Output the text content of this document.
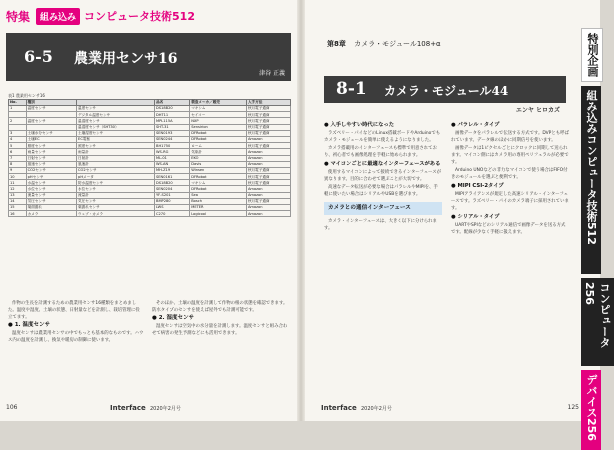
特集	組み込み コンピュータ技術512
6-5 農業用センサ16
津谷 正義
表1 農業用センサ16
No.	種別		品名	製造メーカ／販売	入手方法
1	温度センサ	温度センサ	DS18B20	マキシム	秋月電子通商
		デジタル温度センサ	DHT11	セイコー	秋月電子通商
2	温度センサ	温湿度センサ	MPL115A	NXP	秋月電子通商
		温湿度センサ（SHT30）	SHT-31	Sensirion	秋月電子通商
3	土壌水分センサ	土壌湿度センサ	SEN0193	DFRobot	秋月電子通商
4	土壌EC	EC電極	SEN0244	DFRobot	Amazon
5	照度センサ	照度センサ	BH1750	ローム	秋月電子通商
6	雨量センサ	雨量計	WS-RG	気象計	Amazon
7	日射センサ	日射計	ML-01	EKO	Amazon
8	風速センサ	風速計	WS-AN	Davis	Amazon
9	CO2センサ	CO2センサ	MH-Z19	Winsen	秋月電子通商
10	pHセンサ	pHメータ	SEN0161	DFRobot	秋月電子通商
11	水温センサ	防水温度センサ	DS18B20	マキシム	秋月電子通商
12	水位センサ	水位センサ	SEN0204	DFRobot	Amazon
13	流量センサ	流量計	YF-S201	Sea	Amazon
14	気圧センサ	気圧センサ	BMP280	Bosch	秋月電子通商
15	葉面濡れ	葉濡れセンサ	LWS	METER	Amazon
16	カメラ	ウェブ・カメラ	C270	Logicool	Amazon

作物の生長を計測するための農業用センサ16種類をまとめました。温度や湿度、土壌の状態、日射量などを計測し、栽培管理に役立てます。

● 1. 温度センサ

温度センサは農業用センサの中でもっとも基本的なものです。ハウス内の温度を計測し、換気や暖房の制御に使います。

そのほか、土壌の温度を計測して作物の根の状態を確認できます。防水タイプのセンサを使えば屋外でも計測可能です。

● 2. 湿度センサ

湿度センサは空気中の水分量を計測します。温度センサと組み合わせて病害の発生予測などにも活用できます。

106	Interface 2020年2月号
第8章 カメラ・モジュール108+α
8-1 カメラ・モジュール44
エンヤ ヒロカズ
● 入手しやすい時代になった

ラズベリー・パイなどのLinux搭載ボードやArduinoでもカメラ・モジュールを簡単に使えるようになりました。

カメラ搭載用のインターフェースも標準で用意されており、初心者でも画像処理を手軽に始められます。

● マイコンごとに最適なインターフェースがある

使用するマイコンによって接続できるインターフェースが異なります。目的に合わせて選ぶことが大切です。

高速なデータ転送が必要な場合はパラレルやMIPIを、手軽に使いたい場合はシリアルやUSBを選びます。

カメラとの通信インターフェース

カメラ・インターフェースは、大きく以下に分けられます。

● パラレル・タイプ

画像データをパラレルで伝送する方式です。DVPとも呼ばれています。データ線のほかに同期信号を使います。

画像データは1ピクセルごとにクロックに同期して送られます。マイコン側にはカメラ用の専用ペリフェラルが必要です。

Arduino UNOなどの非力なマイコンで使う場合はFIFO付きのモジュールを選ぶと便利です。

● MIPI CSI-2タイプ

MIPIアライアンスが規定した高速シリアル・インターフェースです。ラズベリー・パイのカメラ端子に採用されています。

● シリアル・タイプ

UARTやSPIなどのシリアル通信で画像データを送る方式です。配線が少なく手軽に扱えます。

特別企画
組み込みコンピュータ技術512
コンピュータ256
デバイス256
Interface 2020年2月号	125
